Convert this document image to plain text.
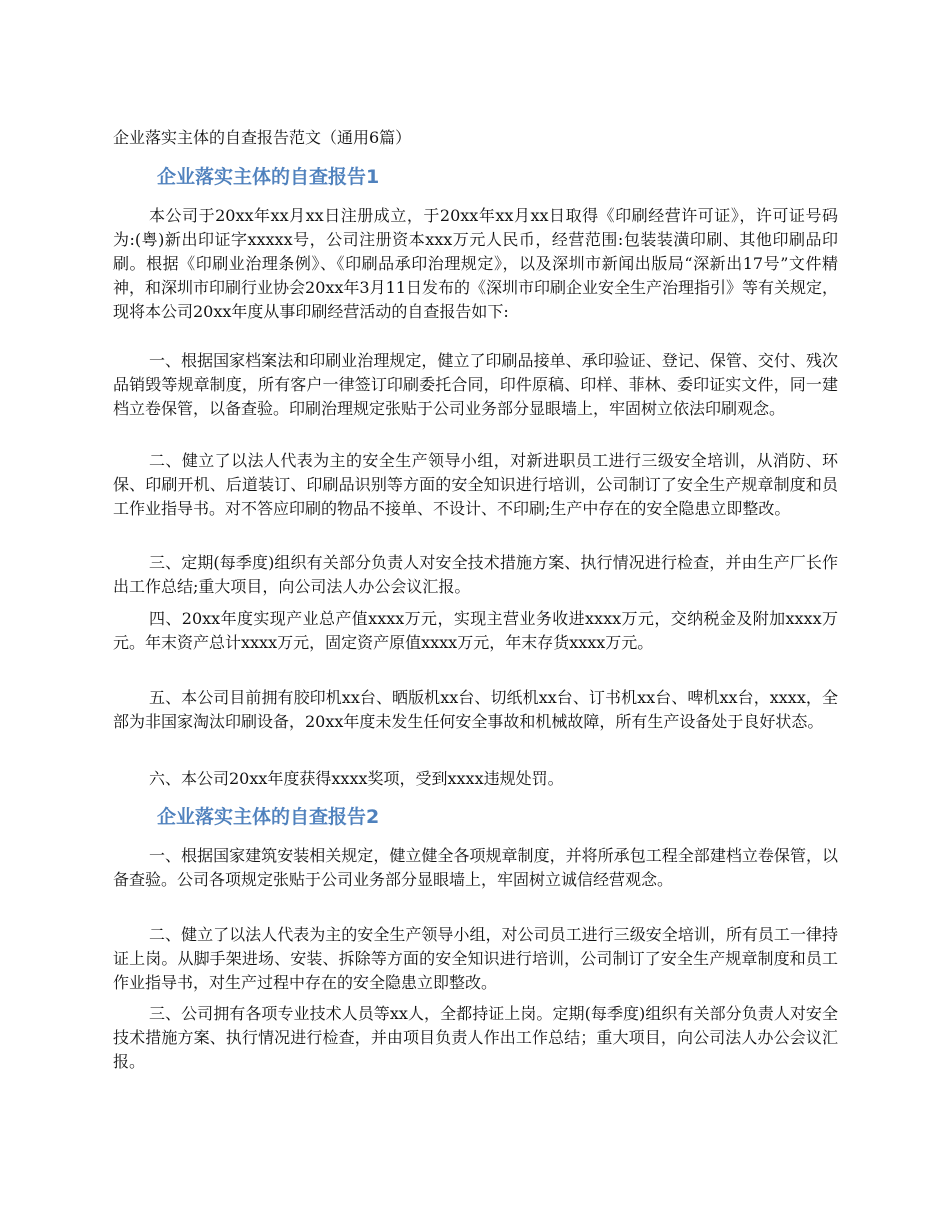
企业落实主体的自查报告范文（通用6篇）

企业落实主体的自查报告1

本公司于20xx年xx月xx日注册成立，于20xx年xx月xx日取得《印刷经营许可证》，许可证号码为:(粤)新出印证字xxxxx号，公司注册资本xxx万元人民币，经营范围:包装装潢印刷、其他印刷品印刷。根据《印刷业治理条例》、《印刷品承印治理规定》，以及深圳市新闻出版局“深新出17号”文件精神，和深圳市印刷行业协会20xx年3月11日发布的《深圳市印刷企业安全生产治理指引》等有关规定，现将本公司20xx年度从事印刷经营活动的自查报告如下:

一、根据国家档案法和印刷业治理规定，健立了印刷品接单、承印验证、登记、保管、交付、残次品销毁等规章制度，所有客户一律签订印刷委托合同，印件原稿、印样、菲林、委印证实文件，同一建档立卷保管，以备查验。印刷治理规定张贴于公司业务部分显眼墙上，牢固树立依法印刷观念。

二、健立了以法人代表为主的安全生产领导小组，对新进职员工进行三级安全培训，从消防、环保、印刷开机、后道装订、印刷品识别等方面的安全知识进行培训，公司制订了安全生产规章制度和员工作业指导书。对不答应印刷的物品不接单、不设计、不印刷;生产中存在的安全隐患立即整改。

三、定期(每季度)组织有关部分负责人对安全技术措施方案、执行情况进行检查，并由生产厂长作出工作总结;重大项目，向公司法人办公会议汇报。

四、20xx年度实现产业总产值xxxx万元，实现主营业务收进xxxx万元，交纳税金及附加xxxx万元。年末资产总计xxxx万元，固定资产原值xxxx万元，年末存货xxxx万元。

五、本公司目前拥有胶印机xx台、晒版机xx台、切纸机xx台、订书机xx台、啤机xx台，xxxx，全部为非国家淘汰印刷设备，20xx年度未发生任何安全事故和机械故障，所有生产设备处于良好状态。

六、本公司20xx年度获得xxxx奖项，受到xxxx违规处罚。

企业落实主体的自查报告2

一、根据国家建筑安装相关规定，健立健全各项规章制度，并将所承包工程全部建档立卷保管，以备查验。公司各项规定张贴于公司业务部分显眼墙上，牢固树立诚信经营观念。

二、健立了以法人代表为主的安全生产领导小组，对公司员工进行三级安全培训，所有员工一律持证上岗。从脚手架进场、安装、拆除等方面的安全知识进行培训，公司制订了安全生产规章制度和员工作业指导书，对生产过程中存在的安全隐患立即整改。

三、公司拥有各项专业技术人员等xx人，全都持证上岗。定期(每季度)组织有关部分负责人对安全技术措施方案、执行情况进行检查，并由项目负责人作出工作总结；重大项目，向公司法人办公会议汇报。
